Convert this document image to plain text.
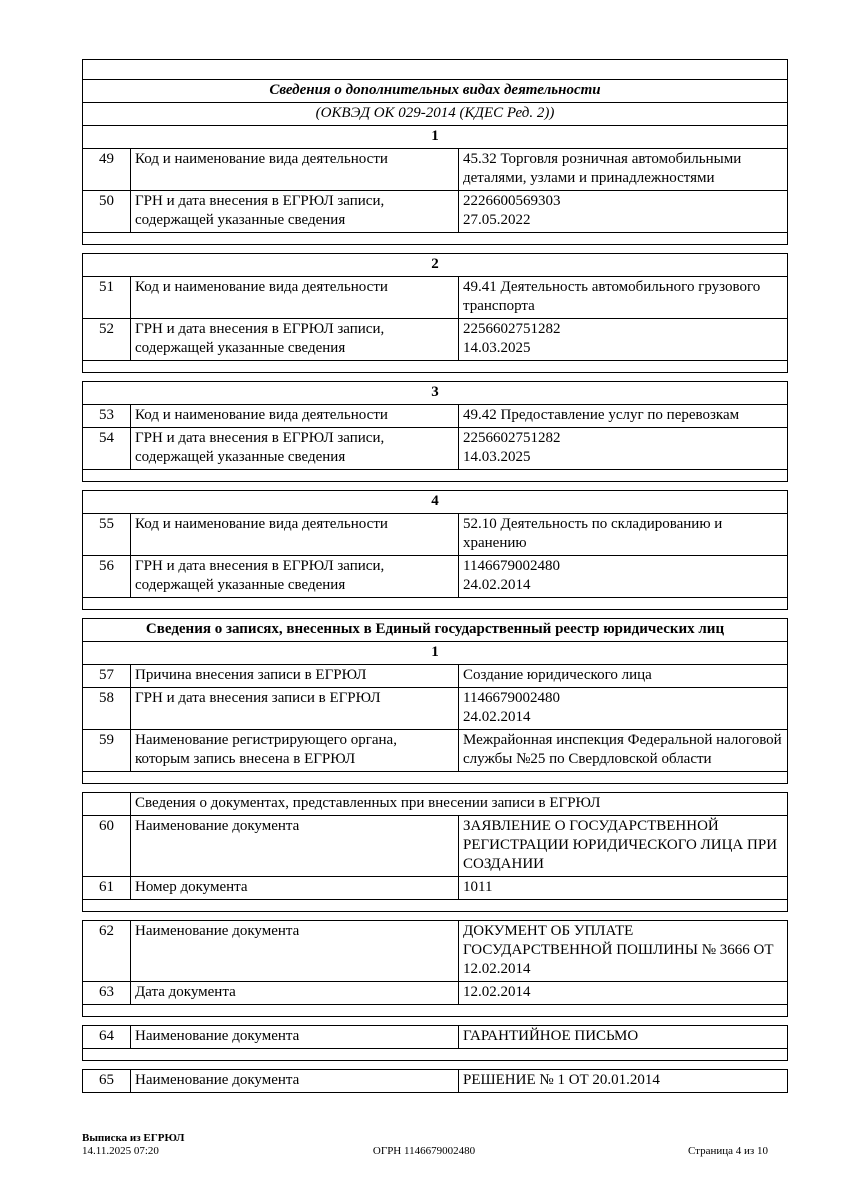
Сведения о дополнительных видах деятельности		
(ОКВЭД ОК 029-2014 (КДЕС Ред. 2))		
1		
49	Код и наименование вида деятельности	45.32 Торговля розничная автомобильными деталями, узлами и принадлежностями
50	ГРН и дата внесения в ЕГРЮЛ записи, содержащей указанные сведения	2226600569303
27.05.2022

2		
51	Код и наименование вида деятельности	49.41 Деятельность автомобильного грузового транспорта
52	ГРН и дата внесения в ЕГРЮЛ записи, содержащей указанные сведения	2256602751282
14.03.2025

3		
53	Код и наименование вида деятельности	49.42 Предоставление услуг по перевозкам
54	ГРН и дата внесения в ЕГРЮЛ записи, содержащей указанные сведения	2256602751282
14.03.2025

4		
55	Код и наименование вида деятельности	52.10 Деятельность по складированию и хранению
56	ГРН и дата внесения в ЕГРЮЛ записи, содержащей указанные сведения	1146679002480
24.02.2014

Сведения о записях, внесенных в Единый государственный реестр юридических лиц		
1		
57	Причина внесения записи в ЕГРЮЛ	Создание юридического лица
58	ГРН и дата внесения записи в ЕГРЮЛ	1146679002480
24.02.2014
59	Наименование регистрирующего органа, которым запись внесена в ЕГРЮЛ	Межрайонная инспекция Федеральной налоговой службы №25 по Свердловской области

	Сведения о документах, представленных при внесении записи в ЕГРЮЛ	
60	Наименование документа	ЗАЯВЛЕНИЕ О ГОСУДАРСТВЕННОЙ РЕГИСТРАЦИИ ЮРИДИЧЕСКОГО ЛИЦА ПРИ СОЗДАНИИ
61	Номер документа	1011

62	Наименование документа	ДОКУМЕНТ ОБ УПЛАТЕ ГОСУДАРСТВЕННОЙ ПОШЛИНЫ № 3666 ОТ 12.02.2014
63	Дата документа	12.02.2014

64	Наименование документа	ГАРАНТИЙНОЕ ПИСЬМО

65	Наименование документа	РЕШЕНИЕ № 1 ОТ 20.01.2014
Выписка из ЕГРЮЛ
14.11.2025 07:20	ОГРН 1146679002480	Страница 4 из 10
